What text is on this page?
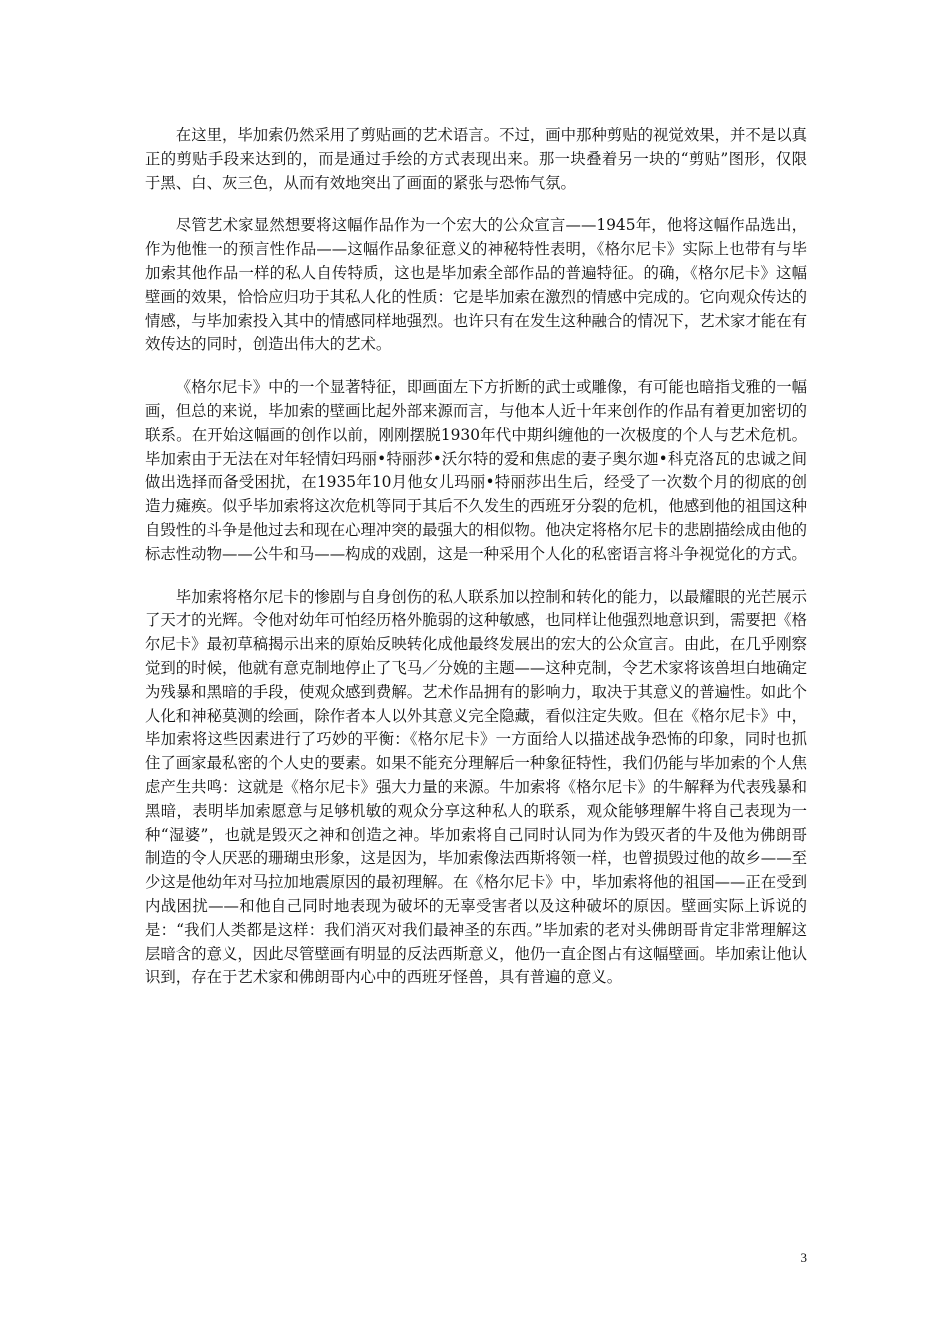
在这里，毕加索仍然采用了剪贴画的艺术语言。不过，画中那种剪贴的视觉效果，并不是以真正的剪贴手段来达到的，而是通过手绘的方式表现出来。那一块叠着另一块的“剪贴”图形，仅限于黑、白、灰三色，从而有效地突出了画面的紧张与恐怖气氛。

尽管艺术家显然想要将这幅作品作为一个宏大的公众宣言——1945年，他将这幅作品选出，作为他惟一的预言性作品——这幅作品象征意义的神秘特性表明，《格尔尼卡》实际上也带有与毕加索其他作品一样的私人自传特质，这也是毕加索全部作品的普遍特征。的确，《格尔尼卡》这幅壁画的效果，恰恰应归功于其私人化的性质：它是毕加索在激烈的情感中完成的。它向观众传达的情感，与毕加索投入其中的情感同样地强烈。也许只有在发生这种融合的情况下，艺术家才能在有效传达的同时，创造出伟大的艺术。

《格尔尼卡》中的一个显著特征，即画面左下方折断的武士或雕像，有可能也暗指戈雅的一幅画，但总的来说，毕加索的壁画比起外部来源而言，与他本人近十年来创作的作品有着更加密切的联系。在开始这幅画的创作以前，刚刚摆脱1930年代中期纠缠他的一次极度的个人与艺术危机。毕加索由于无法在对年轻情妇玛丽•特丽莎•沃尔特的爱和焦虑的妻子奥尔迦•科克洛瓦的忠诚之间做出选择而备受困扰，在1935年10月他女儿玛丽•特丽莎出生后，经受了一次数个月的彻底的创造力瘫痪。似乎毕加索将这次危机等同于其后不久发生的西班牙分裂的危机，他感到他的祖国这种自毁性的斗争是他过去和现在心理冲突的最强大的相似物。他决定将格尔尼卡的悲剧描绘成由他的标志性动物——公牛和马——构成的戏剧，这是一种采用个人化的私密语言将斗争视觉化的方式。

毕加索将格尔尼卡的惨剧与自身创伤的私人联系加以控制和转化的能力，以最耀眼的光芒展示了天才的光辉。令他对幼年可怕经历格外脆弱的这种敏感，也同样让他强烈地意识到，需要把《格尔尼卡》最初草稿揭示出来的原始反映转化成他最终发展出的宏大的公众宣言。由此，在几乎刚察觉到的时候，他就有意克制地停止了飞马／分娩的主题——这种克制，令艺术家将该兽坦白地确定为残暴和黑暗的手段，使观众感到费解。艺术作品拥有的影响力，取决于其意义的普遍性。如此个人化和神秘莫测的绘画，除作者本人以外其意义完全隐藏，看似注定失败。但在《格尔尼卡》中，毕加索将这些因素进行了巧妙的平衡：《格尔尼卡》一方面给人以描述战争恐怖的印象，同时也抓住了画家最私密的个人史的要素。如果不能充分理解后一种象征特性，我们仍能与毕加索的个人焦虑产生共鸣：这就是《格尔尼卡》强大力量的来源。牛加索将《格尔尼卡》的牛解释为代表残暴和黑暗，表明毕加索愿意与足够机敏的观众分享这种私人的联系，观众能够理解牛将自己表现为一种“湿婆”，也就是毁灭之神和创造之神。毕加索将自己同时认同为作为毁灭者的牛及他为佛朗哥制造的令人厌恶的珊瑚虫形象，这是因为，毕加索像法西斯将领一样，也曾损毁过他的故乡——至少这是他幼年对马拉加地震原因的最初理解。在《格尔尼卡》中，毕加索将他的祖国——正在受到内战困扰——和他自己同时地表现为破坏的无辜受害者以及这种破坏的原因。壁画实际上诉说的是：“我们人类都是这样：我们消灭对我们最神圣的东西。”毕加索的老对头佛朗哥肯定非常理解这层暗含的意义，因此尽管壁画有明显的反法西斯意义，他仍一直企图占有这幅壁画。毕加索让他认识到，存在于艺术家和佛朗哥内心中的西班牙怪兽，具有普遍的意义。

3
